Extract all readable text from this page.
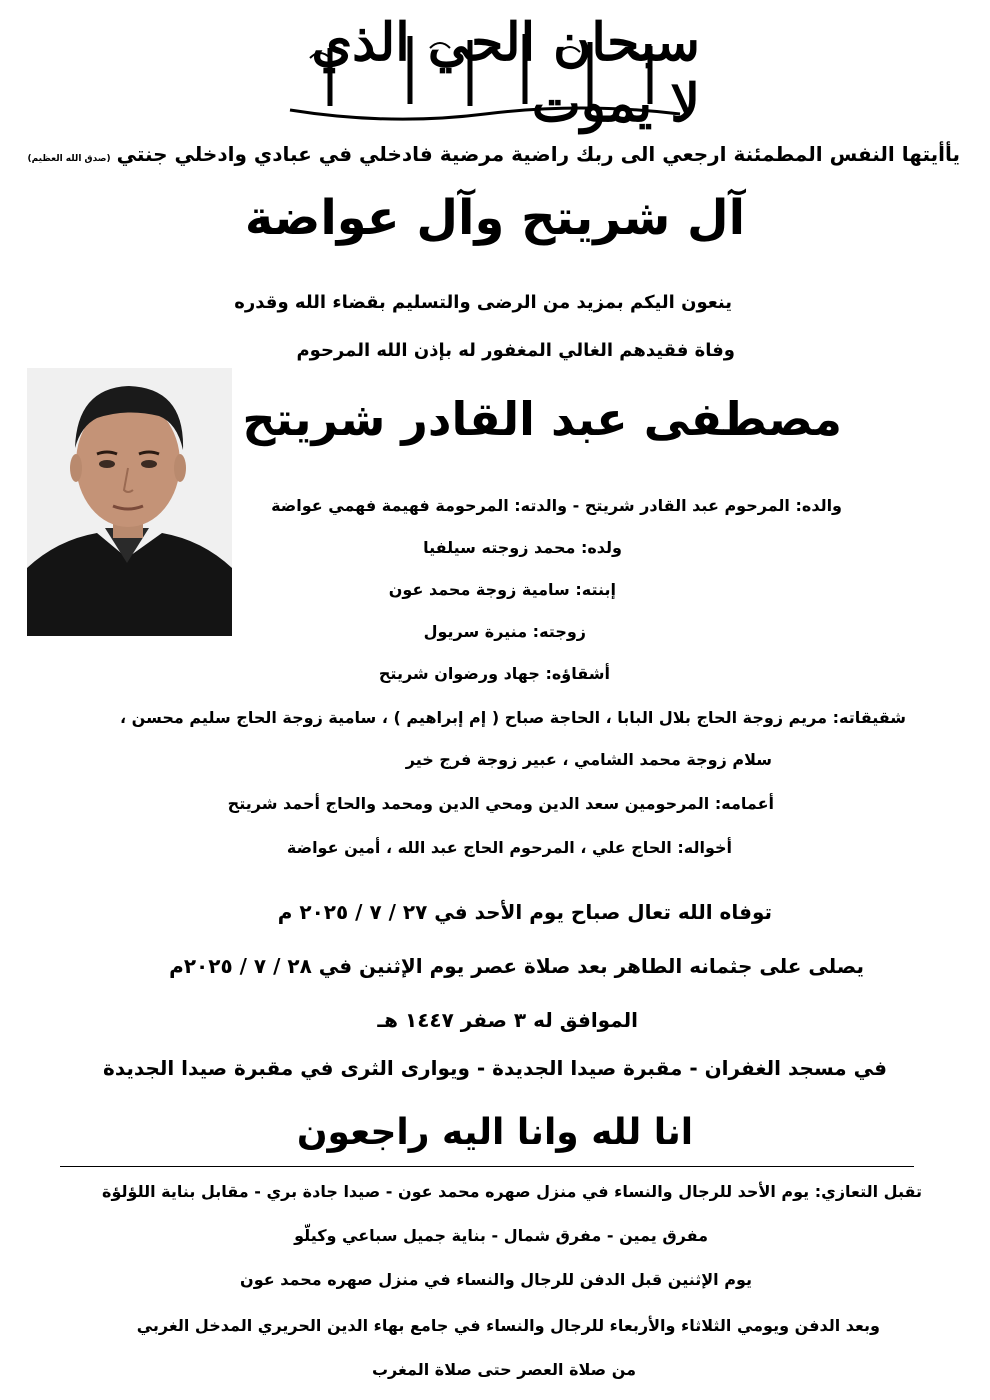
سبحان الحي الذي لا يموت
يأأيتها النفس المطمئنة ارجعي الى ربك راضية مرضية فادخلي في عبادي وادخلي جنتي
(صدق الله العظيم)
آل شريتح وآل عواضة
ينعون اليكم بمزيد من الرضى والتسليم بقضاء الله وقدره
وفاة فقيدهم الغالي المغفور له بإذن الله المرحوم
مصطفى عبد القادر شريتح
والده: المرحوم عبد القادر شريتح - والدته: المرحومة فهيمة فهمي عواضة
ولده: محمد زوجته سيلفيا
إبنته: سامية زوجة محمد عون
زوجته: منيرة سريول
أشقاؤه: جهاد ورضوان شريتح
شقيقاته: مريم زوجة الحاج بلال البابا ، الحاجة صباح ( إم إبراهيم ) ، سامية زوجة الحاج سليم محسن ،
سلام زوجة محمد الشامي ، عبير زوجة فرج خير
أعمامه: المرحومين سعد الدين ومحي الدين ومحمد والحاج أحمد شريتح
أخواله: الحاج علي ، المرحوم الحاج عبد الله ، أمين عواضة
توفاه الله تعال صباح يوم الأحد في ٢٧ / ٧ / ٢٠٢٥ م
يصلى على جثمانه الطاهر بعد صلاة عصر يوم الإثنين في ٢٨ / ٧ / ٢٠٢٥م
الموافق له ٣ صفر ١٤٤٧ هـ
في مسجد الغفران - مقبرة صيدا الجديدة - ويوارى الثرى في مقبرة صيدا الجديدة
انا لله وانا اليه راجعون
تقبل التعازي: يوم الأحد للرجال والنساء في منزل صهره محمد عون - صيدا جادة بري - مقابل بناية اللؤلؤة
مفرق يمين - مفرق شمال - بناية جميل سباعي وكيلّو
يوم الإثنين قبل الدفن للرجال والنساء في منزل صهره محمد عون
وبعد الدفن ويومي الثلاثاء والأربعاء للرجال والنساء في جامع بهاء الدين الحريري المدخل الغربي
من صلاة العصر حتى صلاة المغرب
